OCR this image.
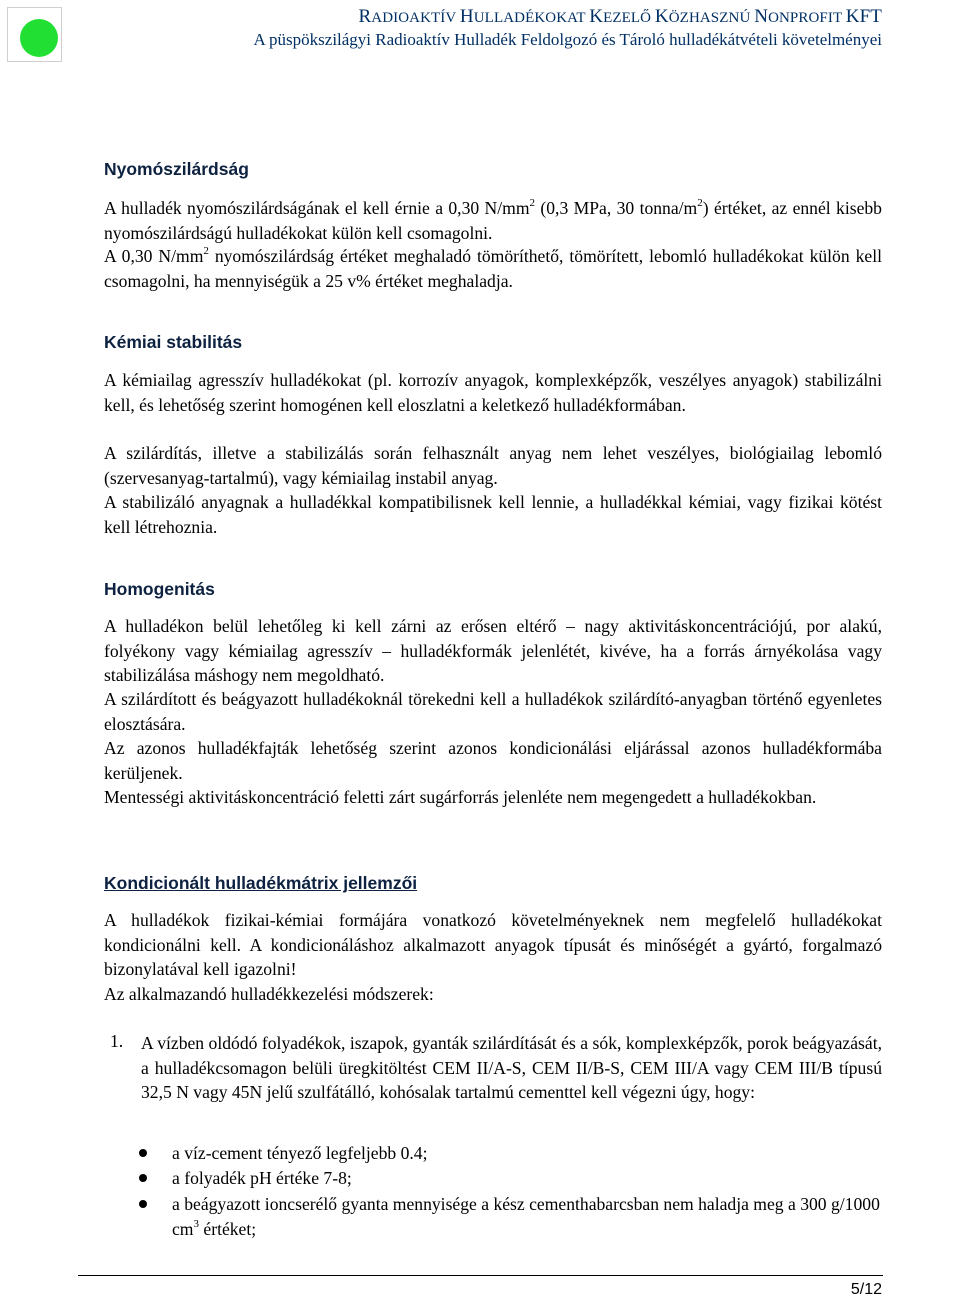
RADIOAKTÍV HULLADÉKOKAT KEZELŐ KÖZHASZNÚ NONPROFIT KFT
A püspökszilágyi Radioaktív Hulladék Feldolgozó és Tároló hulladékátvételi követelményei
Nyomószilárdság
A hulladék nyomószilárdságának el kell érnie a 0,30 $N/mm^2$ (0,3 MPa, 30 tonna/$m^2$) értéket, az ennél kisebb nyomószilárdságú hulladékokat külön kell csomagolni.
A 0,30 $N/mm^2$ nyomószilárdság értéket meghaladó tömöríthető, tömörített, lebomló hulladékokat külön kell csomagolni, ha mennyiségük a 25 v% értéket meghaladja.
Kémiai stabilitás
A kémiailag agresszív hulladékokat (pl. korrozív anyagok, komplexképzők, veszélyes anyagok) stabilizálni kell, és lehetőség szerint homogénen kell eloszlatni a keletkező hulladékformában.
A szilárdítás, illetve a stabilizálás során felhasznált anyag nem lehet veszélyes, biológiailag lebomló (szervesanyag-tartalmú), vagy kémiailag instabil anyag.
A stabilizáló anyagnak a hulladékkal kompatibilisnek kell lennie, a hulladékkal kémiai, vagy fizikai kötést kell létrehoznia.
Homogenitás
A hulladékon belül lehetőleg ki kell zárni az erősen eltérő – nagy aktivitáskoncentrációjú, por alakú, folyékony vagy kémiailag agresszív – hulladékformák jelenlétét, kivéve, ha a forrás árnyékolása vagy stabilizálása máshogy nem megoldható.
A szilárdított és beágyazott hulladékoknál törekedni kell a hulladékok szilárdító-anyagban történő egyenletes elosztására.
Az azonos hulladékfajták lehetőség szerint azonos kondicionálási eljárással azonos hulladékformába kerüljenek.
Mentességi aktivitáskoncentráció feletti zárt sugárforrás jelenléte nem megengedett a hulladékokban.
Kondicionált hulladékmátrix jellemzői
A hulladékok fizikai-kémiai formájára vonatkozó követelményeknek nem megfelelő hulladékokat kondicionálni kell. A kondicionáláshoz alkalmazott anyagok típusát és minőségét a gyártó, forgalmazó bizonylatával kell igazolni!
Az alkalmazandó hulladékkezelési módszerek:
1. A vízben oldódó folyadékok, iszapok, gyanták szilárdítását és a sók, komplexképzők, porok beágyazását, a hulladékcsomagon belüli üregkitöltést CEM II/A-S, CEM II/B-S, CEM III/A vagy CEM III/B típusú 32,5 N vagy 45N jelű szulfátálló, kohósalak tartalmú cementtel kell végezni úgy, hogy:
a víz-cement tényező legfeljebb 0.4;
a folyadék pH értéke 7-8;
a beágyazott ioncserélő gyanta mennyisége a kész cementhabarcsban nem haladja meg a 300 g/1000 $cm^3$ értéket;
5/12
